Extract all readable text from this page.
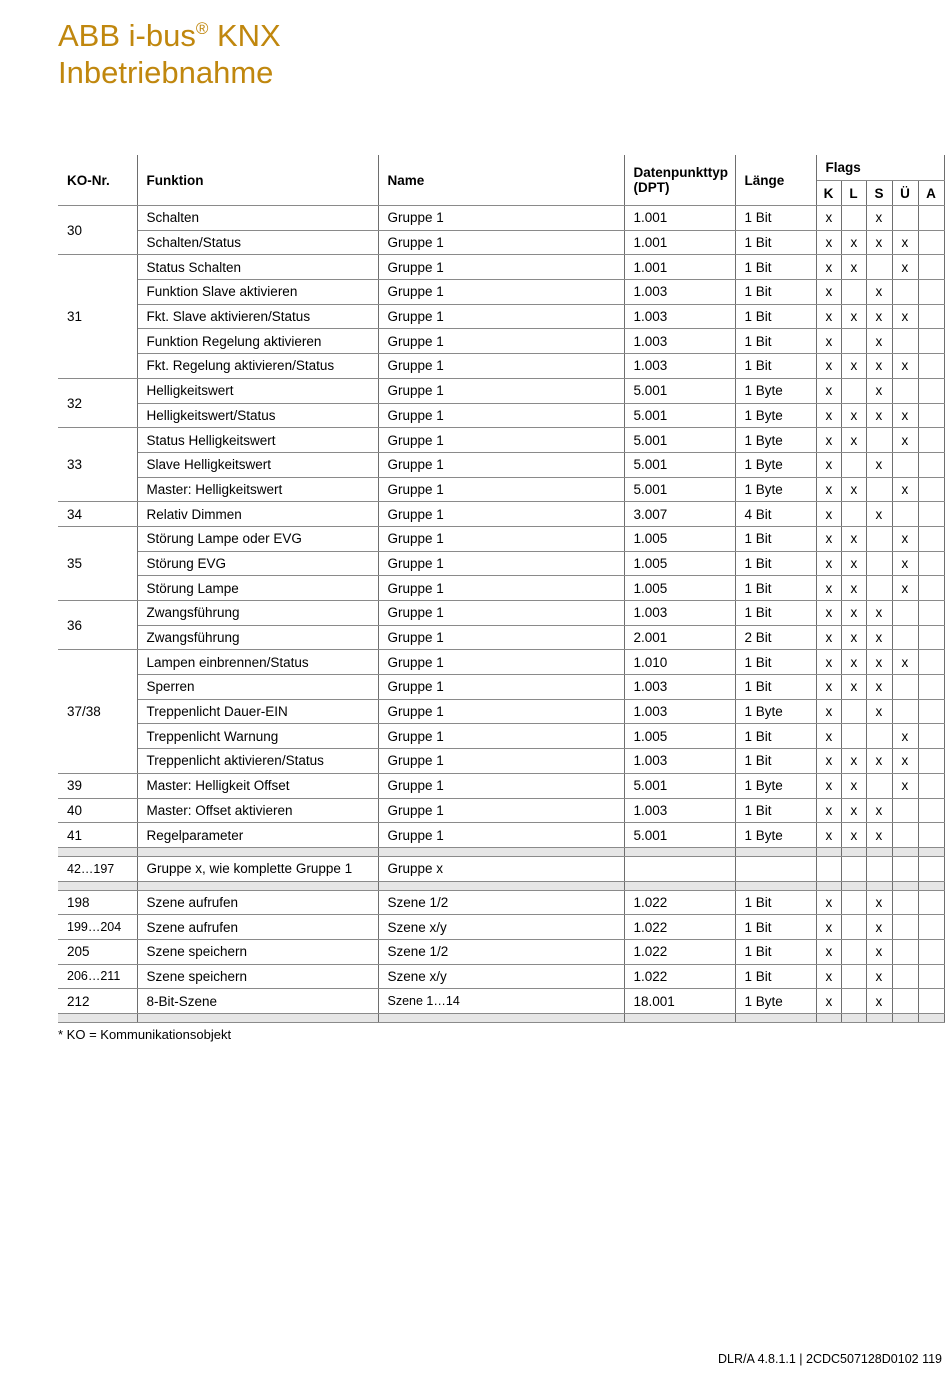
ABB i-bus® KNX
Inbetriebnahme
KO-Nr.	Funktion	Name	Datenpunkttyp
(DPT)	Länge	Flags				
					K	L	S	Ü	A
30	Schalten	Gruppe 1	1.001	1 Bit	x		x		
	Schalten/Status	Gruppe 1	1.001	1 Bit	x	x	x	x	
31	Status Schalten	Gruppe 1	1.001	1 Bit	x	x		x	
	Funktion Slave aktivieren	Gruppe 1	1.003	1 Bit	x		x		
	Fkt. Slave aktivieren/Status	Gruppe 1	1.003	1 Bit	x	x	x	x	
	Funktion Regelung aktivieren	Gruppe 1	1.003	1 Bit	x		x		
	Fkt. Regelung aktivieren/Status	Gruppe 1	1.003	1 Bit	x	x	x	x	
32	Helligkeitswert	Gruppe 1	5.001	1 Byte	x		x		
	Helligkeitswert/Status	Gruppe 1	5.001	1 Byte	x	x	x	x	
33	Status Helligkeitswert	Gruppe 1	5.001	1 Byte	x	x		x	
	Slave Helligkeitswert	Gruppe 1	5.001	1 Byte	x		x		
	Master: Helligkeitswert	Gruppe 1	5.001	1 Byte	x	x		x	
34	Relativ Dimmen	Gruppe 1	3.007	4 Bit	x		x		
35	Störung Lampe oder EVG	Gruppe 1	1.005	1 Bit	x	x		x	
	Störung EVG	Gruppe 1	1.005	1 Bit	x	x		x	
	Störung Lampe	Gruppe 1	1.005	1 Bit	x	x		x	
36	Zwangsführung	Gruppe 1	1.003	1 Bit	x	x	x		
	Zwangsführung	Gruppe 1	2.001	2 Bit	x	x	x		
37/38	Lampen einbrennen/Status	Gruppe 1	1.010	1 Bit	x	x	x	x	
	Sperren	Gruppe 1	1.003	1 Bit	x	x	x		
	Treppenlicht Dauer-EIN	Gruppe 1	1.003	1 Byte	x		x		
	Treppenlicht Warnung	Gruppe 1	1.005	1 Bit	x			x	
	Treppenlicht aktivieren/Status	Gruppe 1	1.003	1 Bit	x	x	x	x	
39	Master: Helligkeit Offset	Gruppe 1	5.001	1 Byte	x	x		x	
40	Master: Offset aktivieren	Gruppe 1	1.003	1 Bit	x	x	x		
41	Regelparameter	Gruppe 1	5.001	1 Byte	x	x	x		

42…197	Gruppe x, wie komplette Gruppe 1	Gruppe x							

198	Szene aufrufen	Szene 1/2	1.022	1 Bit	x		x		
199…204	Szene aufrufen	Szene x/y	1.022	1 Bit	x		x		
205	Szene speichern	Szene 1/2	1.022	1 Bit	x		x		
206…211	Szene speichern	Szene x/y	1.022	1 Bit	x		x		
212	8-Bit-Szene	Szene 1…14	18.001	1 Byte	x		x		

* KO = Kommunikationsobjekt
DLR/A 4.8.1.1 | 2CDC507128D0102 119
